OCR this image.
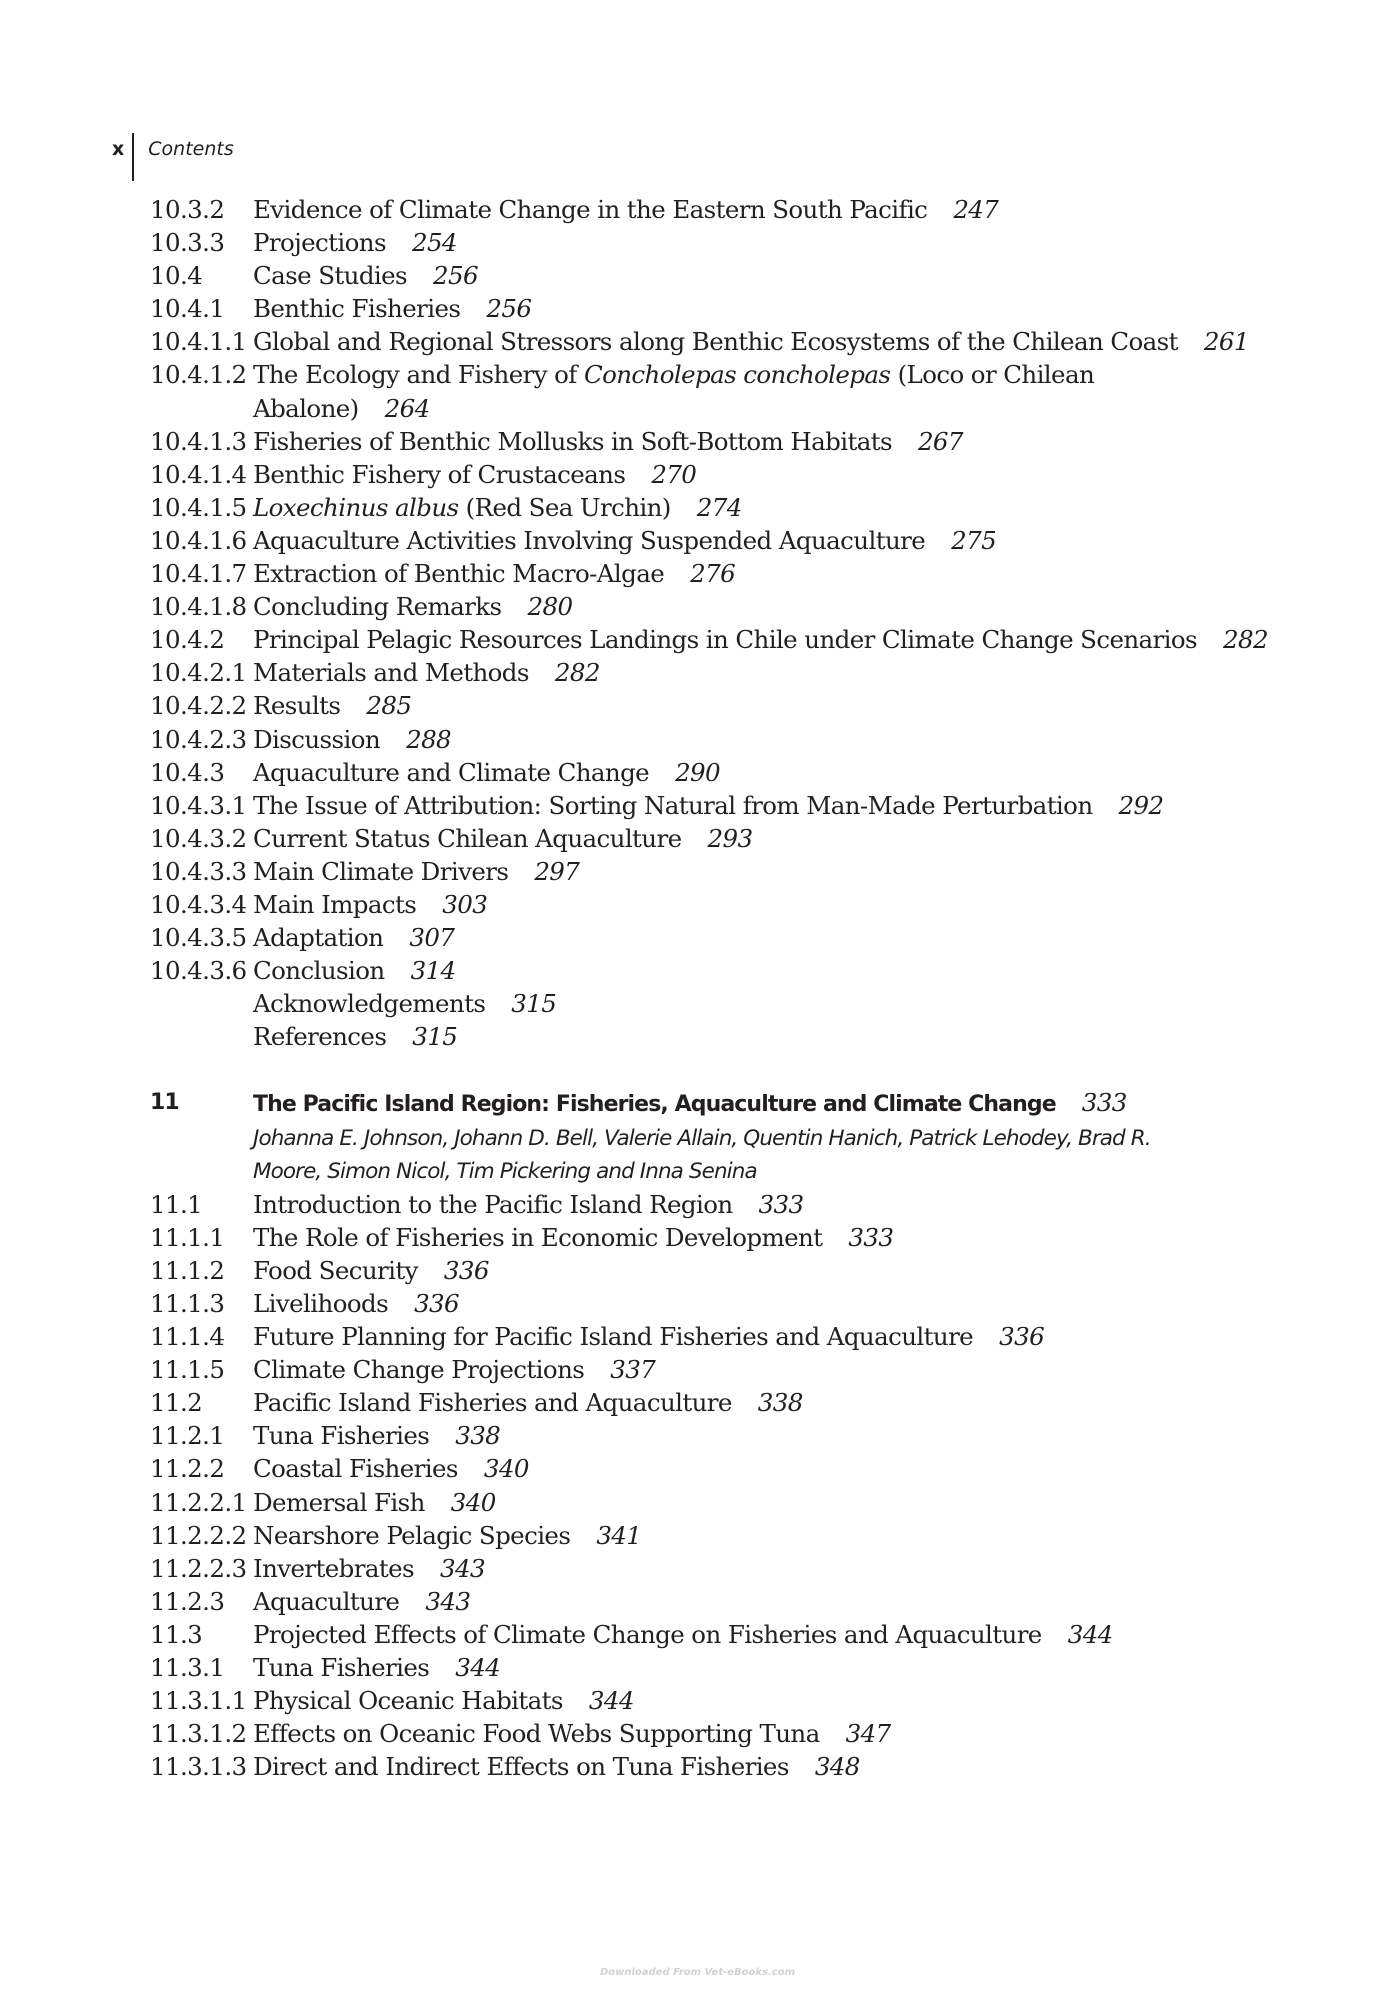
x	Contents
10.3.2	Evidence of Climate Change in the Eastern South Pacific 247
10.3.3	Projections 254
10.4	Case Studies 256
10.4.1	Benthic Fisheries 256
10.4.1.1 Global and Regional Stressors along Benthic Ecosystems of the Chilean Coast 261
10.4.1.2 The Ecology and Fishery of Concholepas concholepas (Loco or Chilean Abalone) 264
10.4.1.3 Fisheries of Benthic Mollusks in Soft-Bottom Habitats 267
10.4.1.4 Benthic Fishery of Crustaceans 270
10.4.1.5 Loxechinus albus (Red Sea Urchin) 274
10.4.1.6 Aquaculture Activities Involving Suspended Aquaculture 275
10.4.1.7 Extraction of Benthic Macro-Algae 276
10.4.1.8 Concluding Remarks 280
10.4.2	Principal Pelagic Resources Landings in Chile under Climate Change Scenarios 282
10.4.2.1 Materials and Methods 282
10.4.2.2 Results 285
10.4.2.3 Discussion 288
10.4.3	Aquaculture and Climate Change 290
10.4.3.1 The Issue of Attribution: Sorting Natural from Man-Made Perturbation 292
10.4.3.2 Current Status Chilean Aquaculture 293
10.4.3.3 Main Climate Drivers 297
10.4.3.4 Main Impacts 303
10.4.3.5 Adaptation 307
10.4.3.6 Conclusion 314
Acknowledgements 315
References 315
11	The Pacific Island Region: Fisheries, Aquaculture and Climate Change 333
Johanna E. Johnson, Johann D. Bell, Valerie Allain, Quentin Hanich, Patrick Lehodey, Brad R. Moore, Simon Nicol, Tim Pickering and Inna Senina
11.1	Introduction to the Pacific Island Region 333
11.1.1	The Role of Fisheries in Economic Development 333
11.1.2	Food Security 336
11.1.3	Livelihoods 336
11.1.4	Future Planning for Pacific Island Fisheries and Aquaculture 336
11.1.5	Climate Change Projections 337
11.2	Pacific Island Fisheries and Aquaculture 338
11.2.1	Tuna Fisheries 338
11.2.2	Coastal Fisheries 340
11.2.2.1 Demersal Fish 340
11.2.2.2 Nearshore Pelagic Species 341
11.2.2.3 Invertebrates 343
11.2.3	Aquaculture 343
11.3	Projected Effects of Climate Change on Fisheries and Aquaculture 344
11.3.1	Tuna Fisheries 344
11.3.1.1 Physical Oceanic Habitats 344
11.3.1.2 Effects on Oceanic Food Webs Supporting Tuna 347
11.3.1.3 Direct and Indirect Effects on Tuna Fisheries 348
Downloaded From Vet-eBooks.com
